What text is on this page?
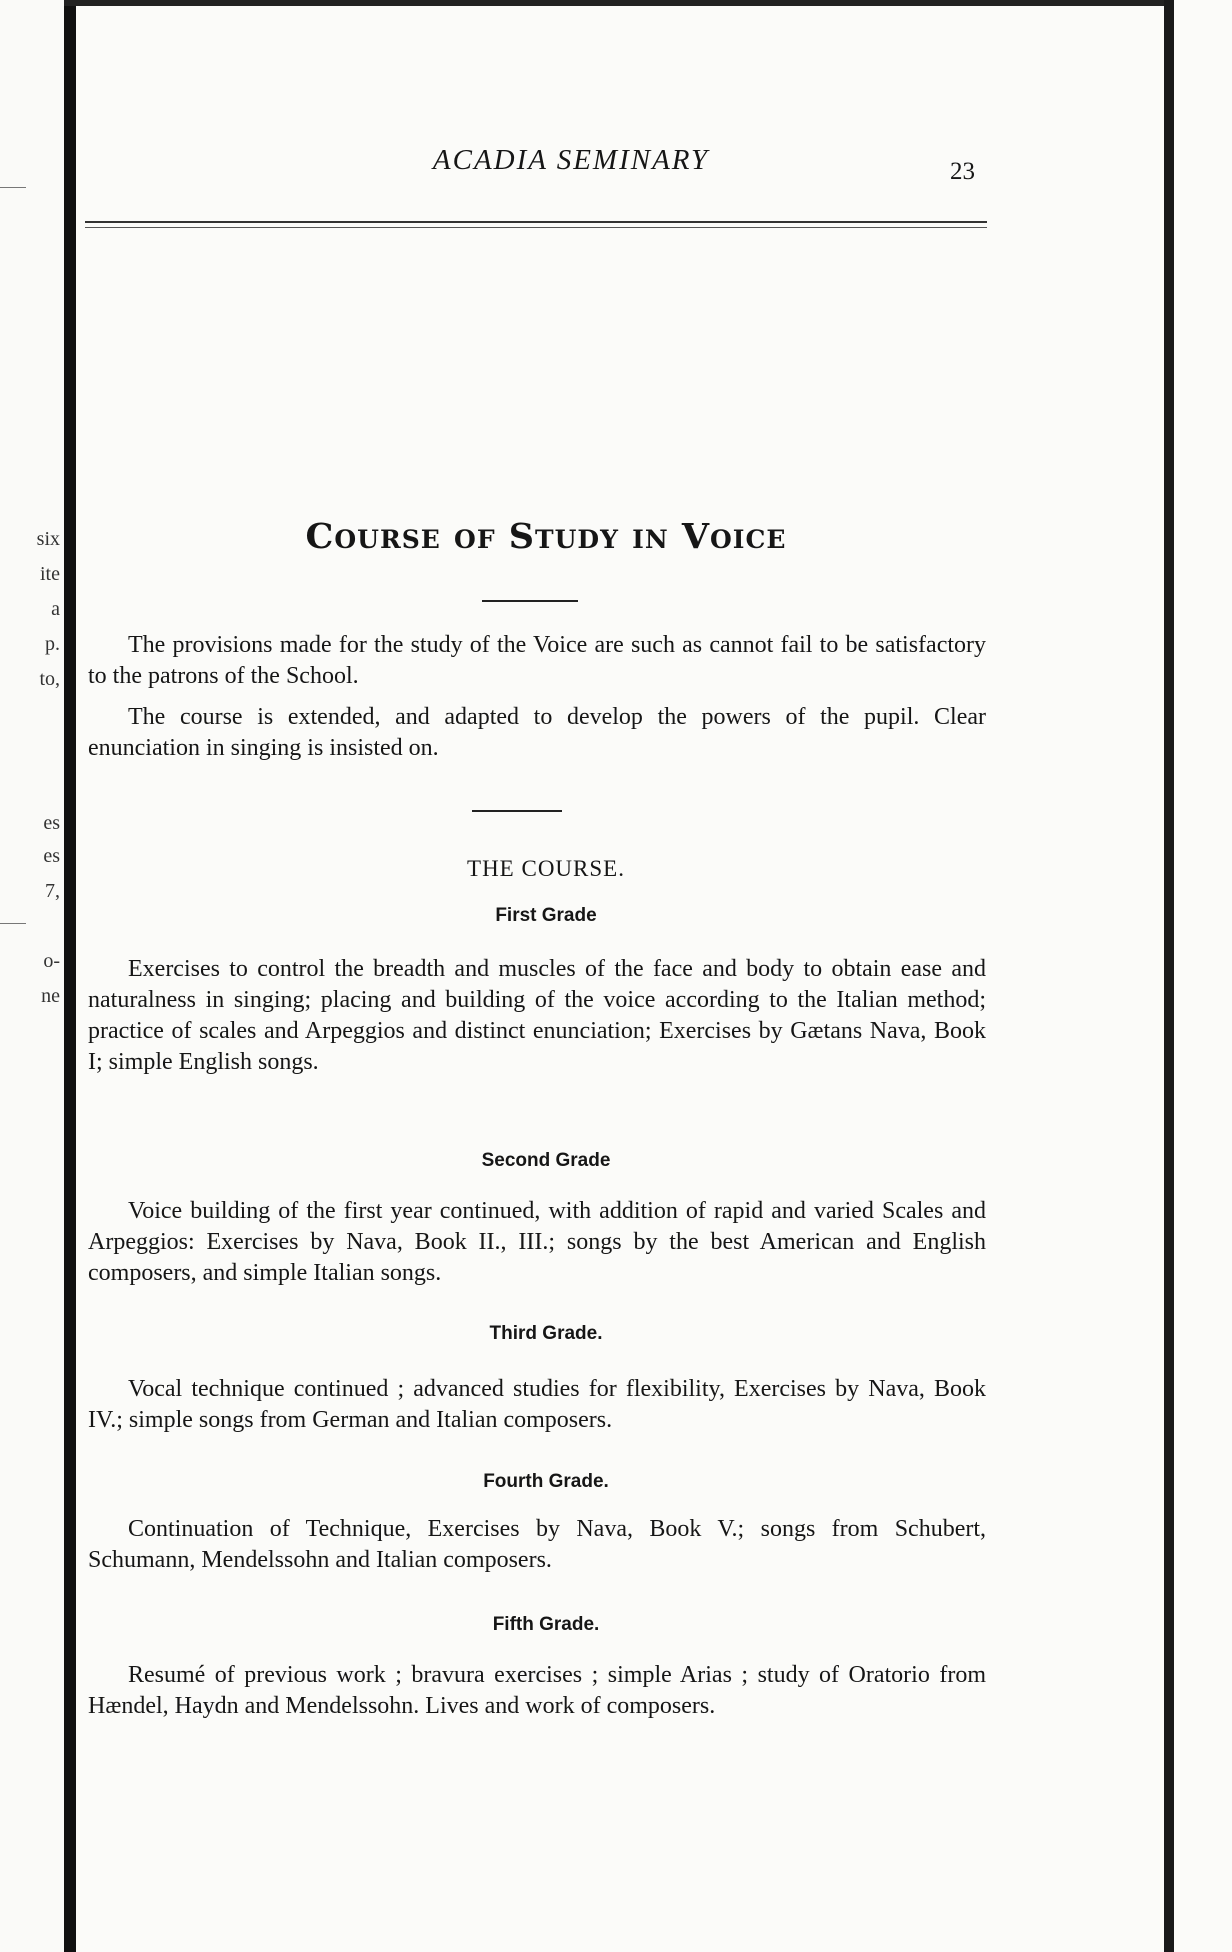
six
ite
a
p.
to,
es
es
7,
o-
ne
ACADIA SEMINARY	23
Course of Study in Voice

The provisions made for the study of the Voice are such as cannot fail to be satisfactory to the patrons of the School.

The course is extended, and adapted to develop the powers of the pupil. Clear enunciation in singing is insisted on.

THE COURSE.
First Grade

Exercises to control the breadth and muscles of the face and body to obtain ease and naturalness in singing; placing and building of the voice according to the Italian method; practice of scales and Arpeggios and distinct enunciation; Exercises by Gætans Nava, Book I; simple English songs.

Second Grade

Voice building of the first year continued, with addition of rapid and varied Scales and Arpeggios: Exercises by Nava, Book II., III.; songs by the best American and English composers, and simple Italian songs.

Third Grade.

Vocal technique continued ; advanced studies for flexibility, Exercises by Nava, Book IV.; simple songs from German and Italian composers.

Fourth Grade.

Continuation of Technique, Exercises by Nava, Book V.; songs from Schubert, Schumann, Mendelssohn and Italian composers.

Fifth Grade.

Resumé of previous work ; bravura exercises ; simple Arias ; study of Oratorio from Hændel, Haydn and Mendelssohn. Lives and work of composers.
